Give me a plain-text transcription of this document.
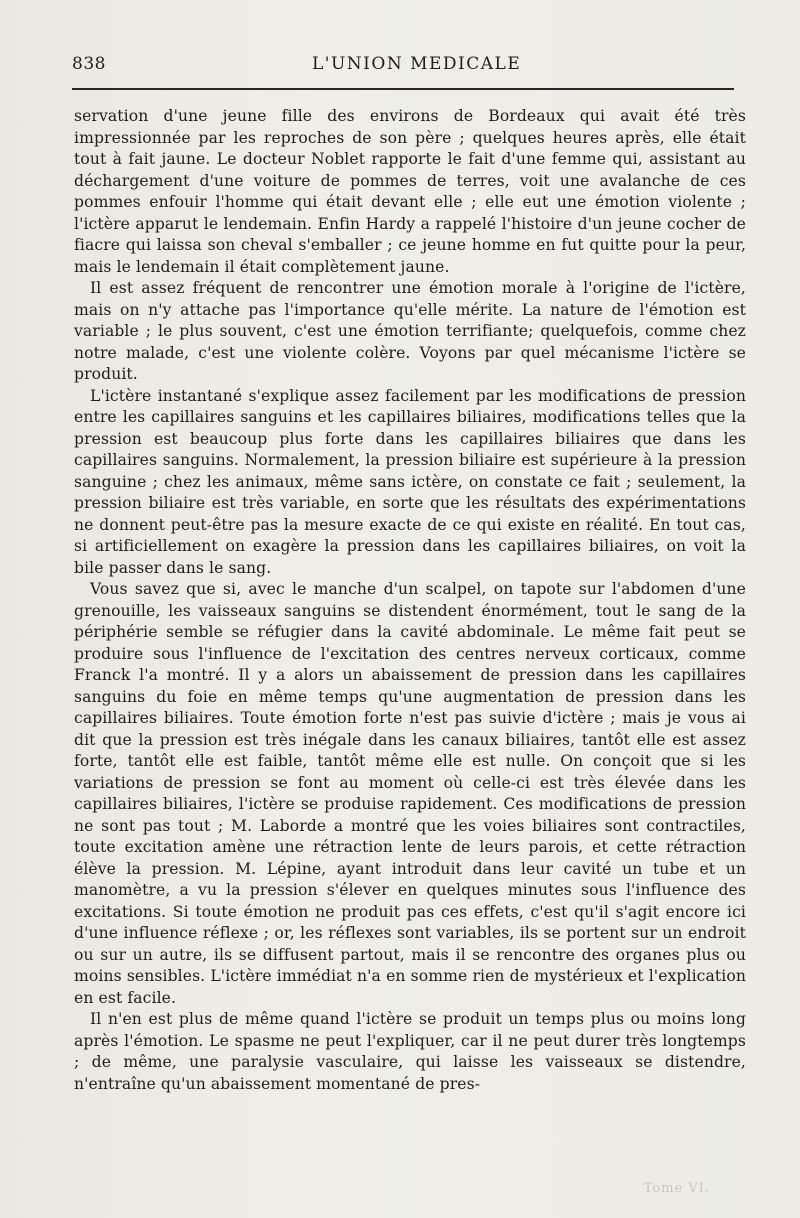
838	L'UNION MEDICALE

servation d'une jeune fille des environs de Bordeaux qui avait été très impressionnée par les reproches de son père ; quelques heures après, elle était tout à fait jaune. Le docteur Noblet rapporte le fait d'une femme qui, assistant au déchargement d'une voiture de pommes de terres, voit une avalanche de ces pommes enfouir l'homme qui était devant elle ; elle eut une émotion violente ; l'ictère apparut le lendemain. Enfin Hardy a rappelé l'histoire d'un jeune cocher de fiacre qui laissa son cheval s'emballer ; ce jeune homme en fut quitte pour la peur, mais le lendemain il était complètement jaune.

Il est assez fréquent de rencontrer une émotion morale à l'origine de l'ictère, mais on n'y attache pas l'importance qu'elle mérite. La nature de l'émotion est variable ; le plus souvent, c'est une émotion terrifiante; quelquefois, comme chez notre malade, c'est une violente colère. Voyons par quel mécanisme l'ictère se produit.

L'ictère instantané s'explique assez facilement par les modifications de pression entre les capillaires sanguins et les capillaires biliaires, modifications telles que la pression est beaucoup plus forte dans les capillaires biliaires que dans les capillaires sanguins. Normalement, la pression biliaire est supérieure à la pression sanguine ; chez les animaux, même sans ictère, on constate ce fait ; seulement, la pression biliaire est très variable, en sorte que les résultats des expérimentations ne donnent peut-être pas la mesure exacte de ce qui existe en réalité. En tout cas, si artificiellement on exagère la pression dans les capillaires biliaires, on voit la bile passer dans le sang.

Vous savez que si, avec le manche d'un scalpel, on tapote sur l'abdomen d'une grenouille, les vaisseaux sanguins se distendent énormément, tout le sang de la périphérie semble se réfugier dans la cavité abdominale. Le même fait peut se produire sous l'influence de l'excitation des centres nerveux corticaux, comme Franck l'a montré. Il y a alors un abaissement de pression dans les capillaires sanguins du foie en même temps qu'une augmentation de pression dans les capillaires biliaires. Toute émotion forte n'est pas suivie d'ictère ; mais je vous ai dit que la pression est très inégale dans les canaux biliaires, tantôt elle est assez forte, tantôt elle est faible, tantôt même elle est nulle. On conçoit que si les variations de pression se font au moment où celle-ci est très élevée dans les capillaires biliaires, l'ictère se produise rapidement. Ces modifications de pression ne sont pas tout ; M. Laborde a montré que les voies biliaires sont contractiles, toute excitation amène une rétraction lente de leurs parois, et cette rétraction élève la pression. M. Lépine, ayant introduit dans leur cavité un tube et un manomètre, a vu la pression s'élever en quelques minutes sous l'influence des excitations. Si toute émotion ne produit pas ces effets, c'est qu'il s'agit encore ici d'une influence réflexe ; or, les réflexes sont variables, ils se portent sur un endroit ou sur un autre, ils se diffusent partout, mais il se rencontre des organes plus ou moins sensibles. L'ictère immédiat n'a en somme rien de mystérieux et l'explication en est facile.

Il n'en est plus de même quand l'ictère se produit un temps plus ou moins long après l'émotion. Le spasme ne peut l'expliquer, car il ne peut durer très longtemps ; de même, une paralysie vasculaire, qui laisse les vaisseaux se distendre, n'entraîne qu'un abaissement momentané de pres-

Tome VI.
